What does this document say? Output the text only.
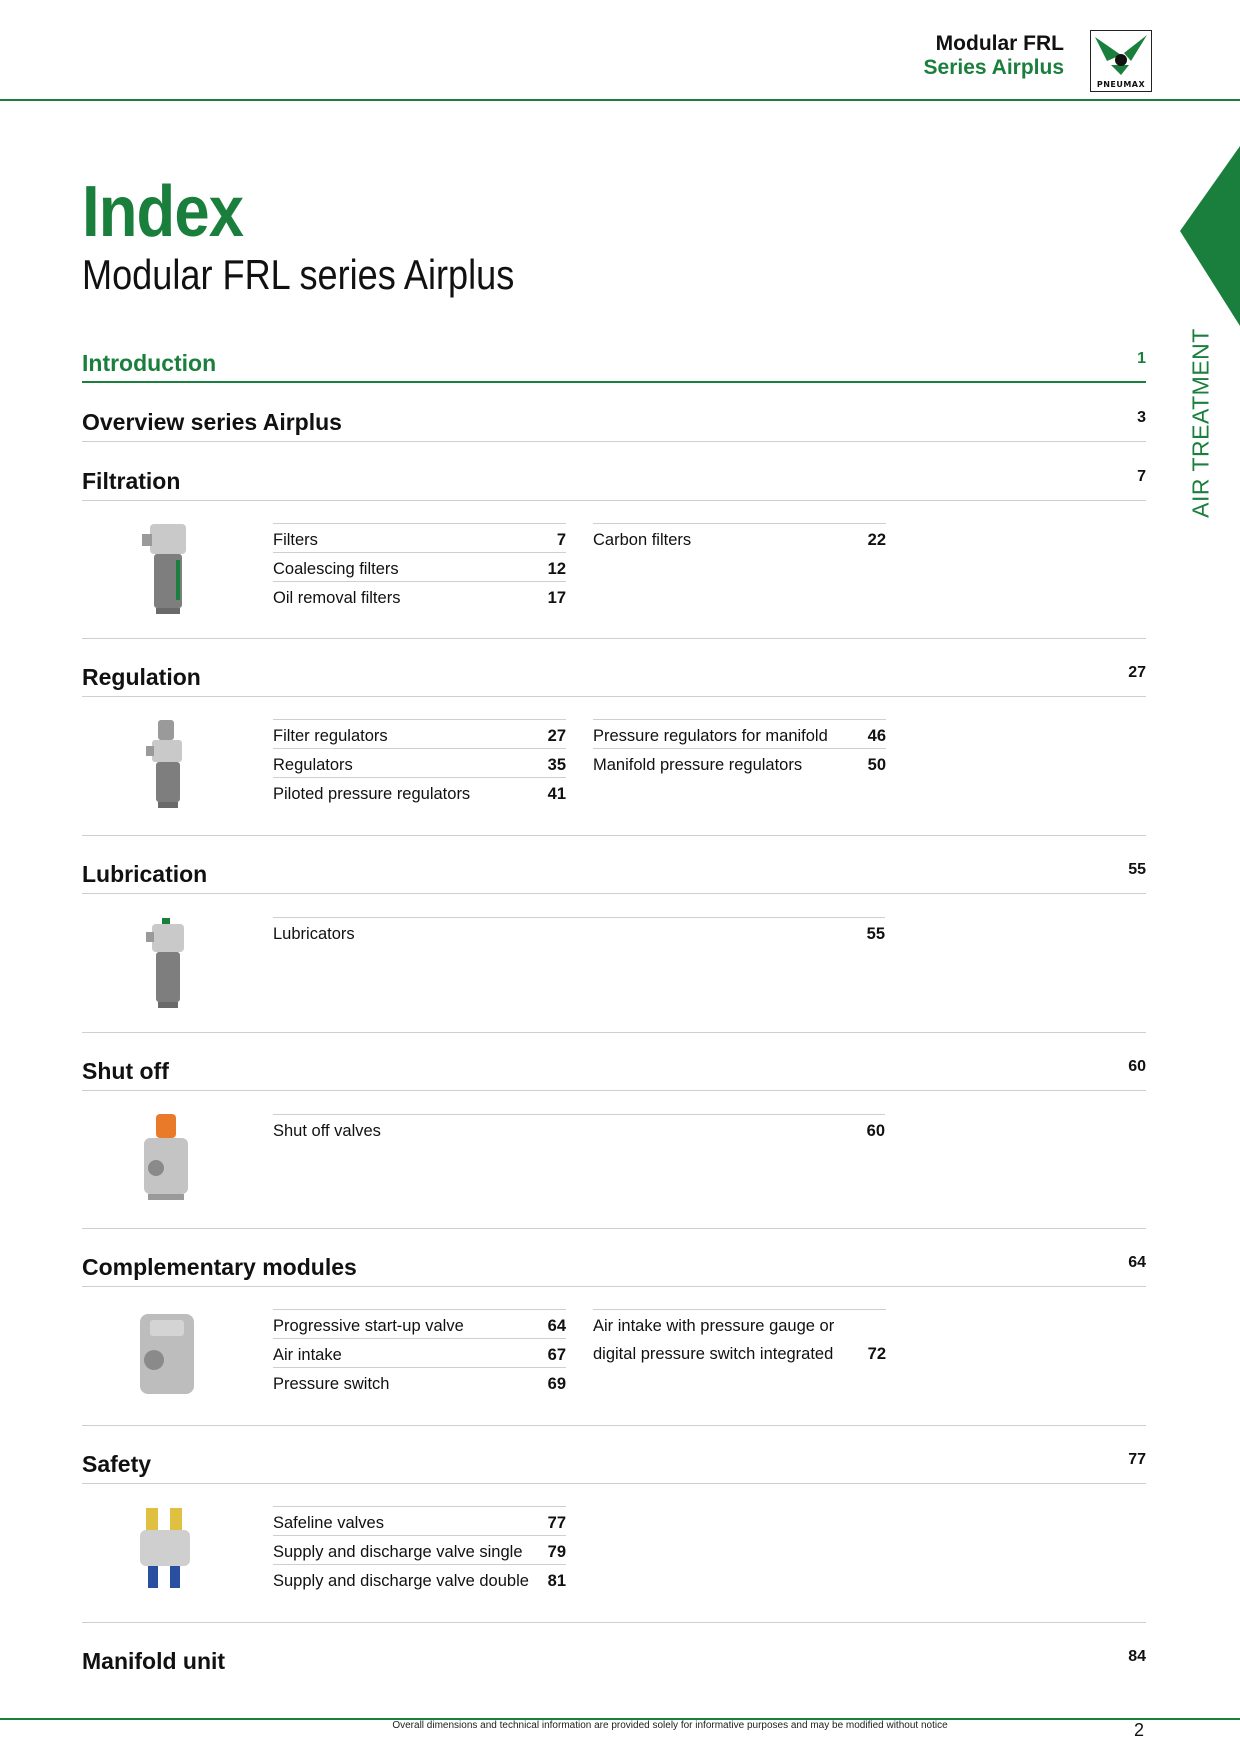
Modular FRL
Series Airplus
PNEUMAX
AIR TREATMENT
Index
Modular FRL series Airplus
Introduction	1
Overview series Airplus	3
Filtration	7
Filters	7
Coalescing filters	12
Oil removal filters	17
Carbon filters	22
Regulation	27
Filter regulators	27
Regulators	35
Piloted pressure regulators	41
Pressure regulators for manifold 46
Manifold pressure regulators	50
Lubrication	55
Lubricators	55
Shut off	60
Shut off valves	60
Complementary modules	64
Progressive start-up valve	64
Air intake	67
Pressure switch	69
Air intake with pressure gauge or
digital pressure switch integrated 72
Safety	77
Safeline valves	77
Supply and discharge valve single 79
Supply and discharge valve double 81
Manifold unit	84
Overall dimensions and technical information are provided solely for informative purposes and may be modified without notice	2
